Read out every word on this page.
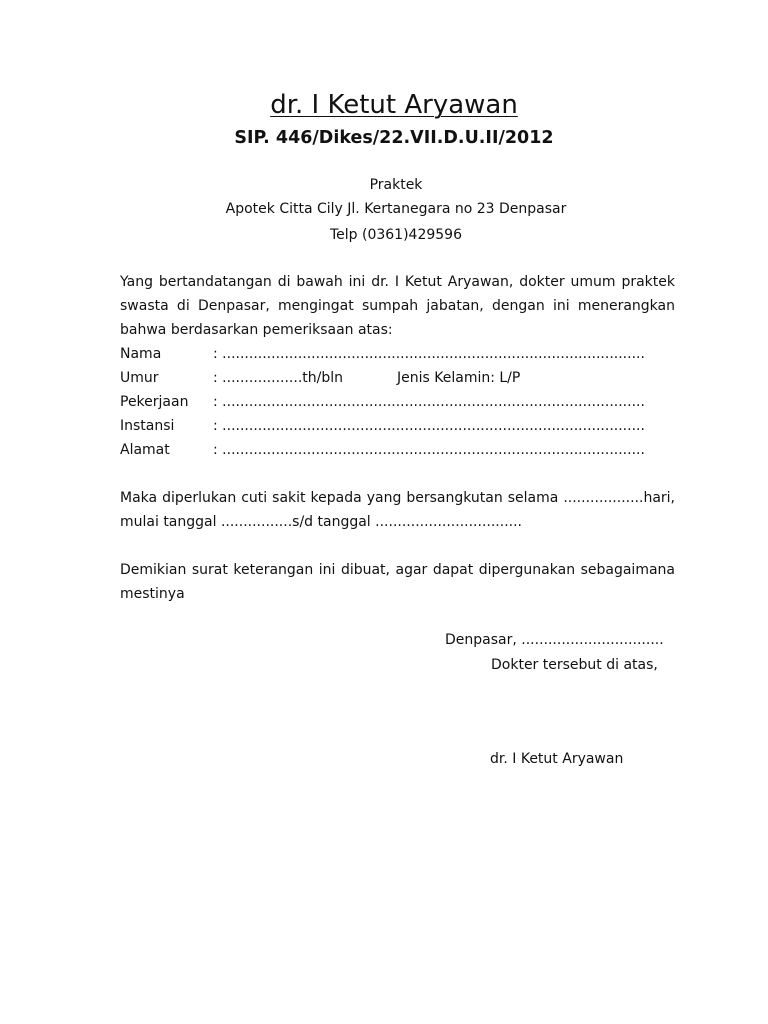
dr. I Ketut Aryawan
SIP. 446/Dikes/22.VII.D.U.II/2012
Praktek
Apotek Citta Cily Jl. Kertanegara no 23 Denpasar
Telp (0361)429596
Yang bertandatangan di bawah ini dr. I Ketut Aryawan, dokter umum praktek swasta di Denpasar, mengingat sumpah jabatan, dengan ini menerangkan bahwa berdasarkan pemeriksaan atas:
Nama	: ...............................................................................................
Umur	: ..................th/bln	Jenis Kelamin: L/P
Pekerjaan : ...............................................................................................
Instansi	: ...............................................................................................
Alamat	: ...............................................................................................
Maka diperlukan cuti sakit kepada yang bersangkutan selama ..................hari, mulai tanggal ................s/d tanggal .................................
Demikian surat keterangan ini dibuat, agar dapat dipergunakan sebagaimana mestinya
Denpasar, ................................
Dokter tersebut di atas,
dr. I Ketut Aryawan
